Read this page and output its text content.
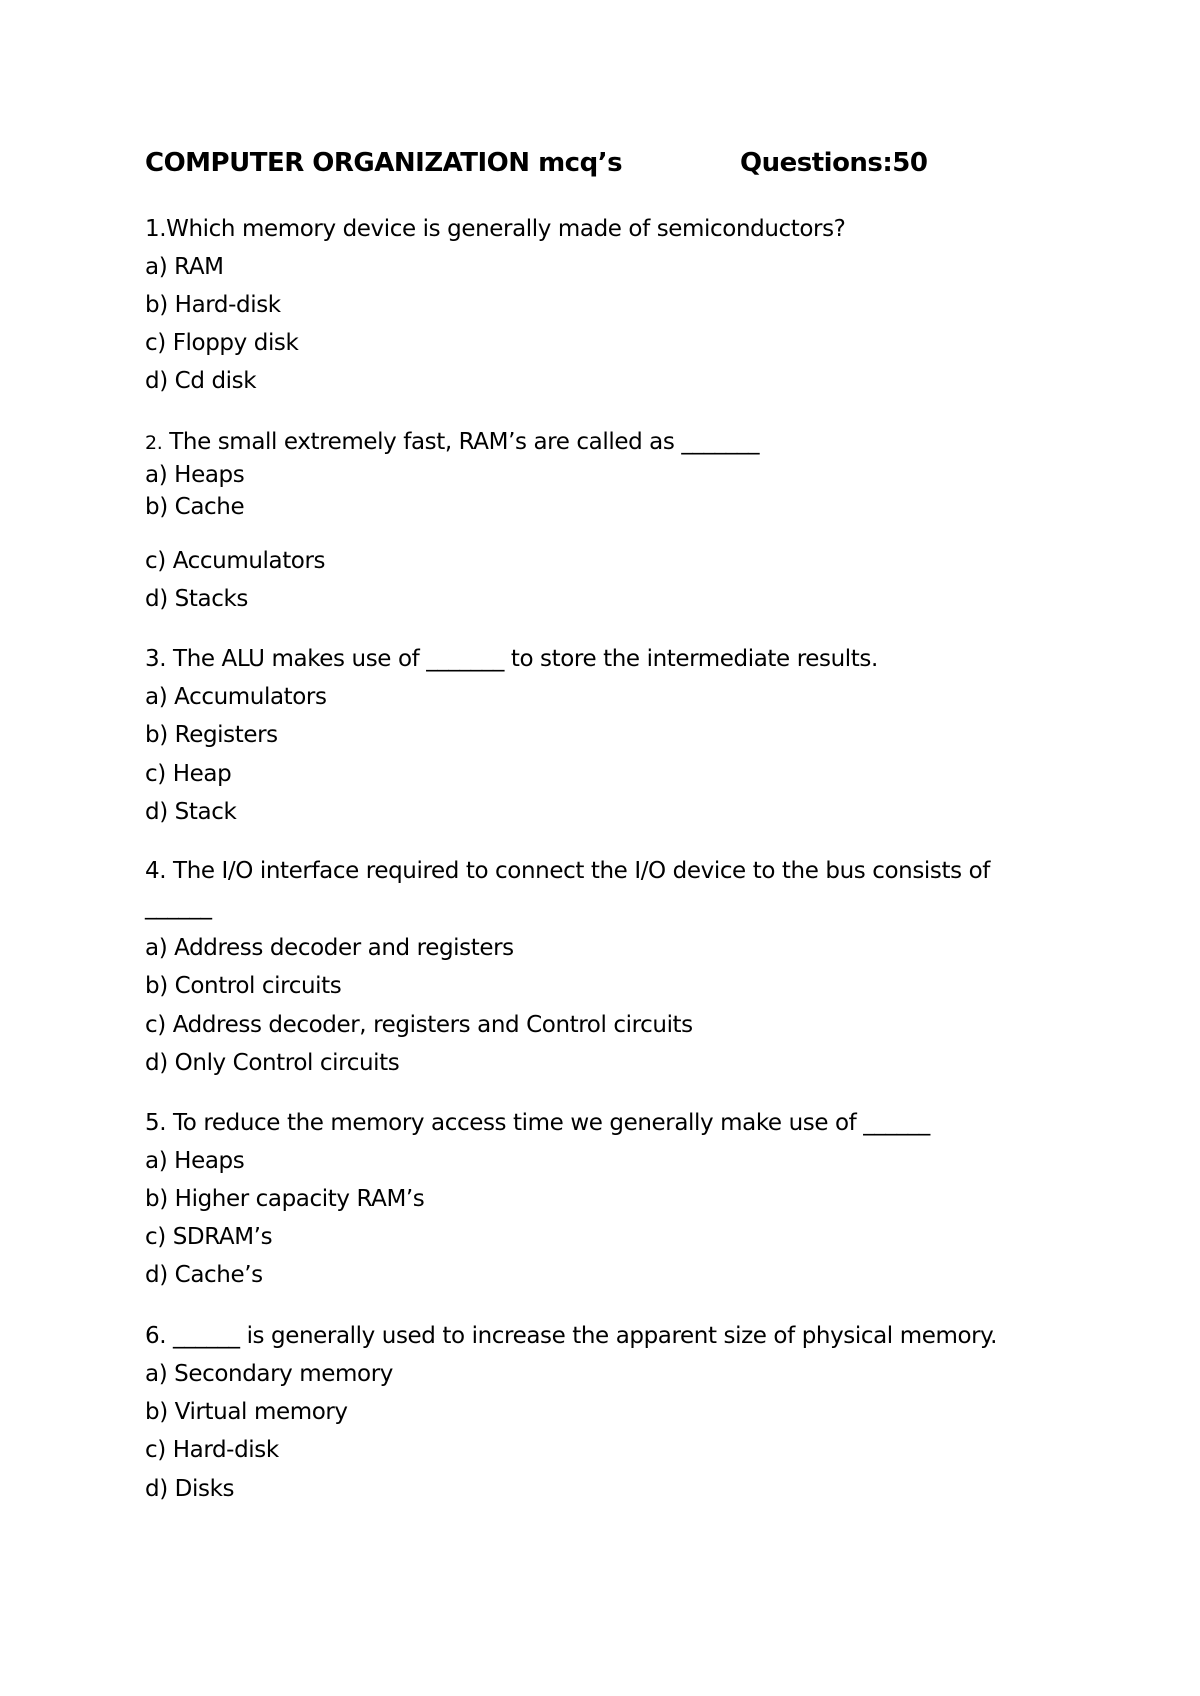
COMPUTER ORGANIZATION mcq’s	Questions:50
1.Which memory device is generally made of semiconductors?
a) RAM
b) Hard-disk
c) Floppy disk
d) Cd disk
2. The small extremely fast, RAM’s are called as _______
a) Heaps
b) Cache
c) Accumulators
d) Stacks
3. The ALU makes use of _______ to store the intermediate results.
a) Accumulators
b) Registers
c) Heap
d) Stack
4. The I/O interface required to connect the I/O device to the bus consists of
______
a) Address decoder and registers
b) Control circuits
c) Address decoder, registers and Control circuits
d) Only Control circuits
5. To reduce the memory access time we generally make use of ______
a) Heaps
b) Higher capacity RAM’s
c) SDRAM’s
d) Cache’s
6. ______ is generally used to increase the apparent size of physical memory.
a) Secondary memory
b) Virtual memory
c) Hard-disk
d) Disks
